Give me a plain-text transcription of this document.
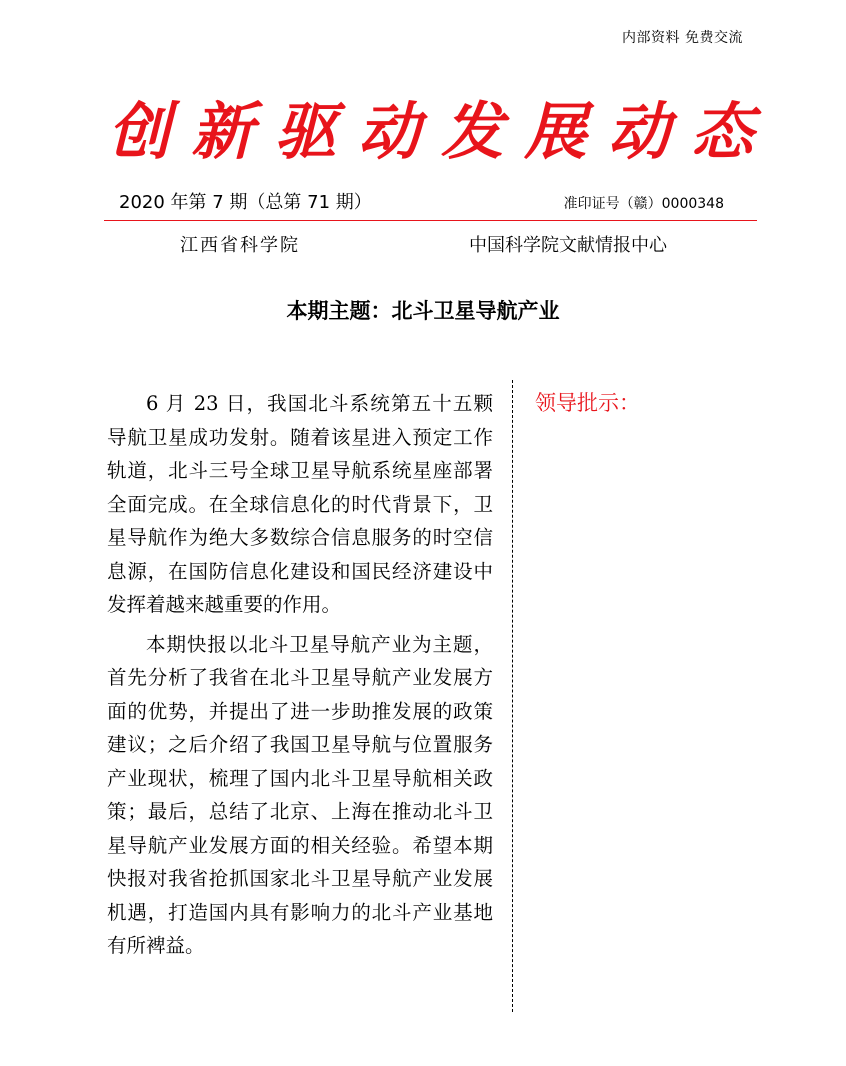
内部资料 免费交流
创 新 驱 动 发 展 动 态
2020 年第 7 期（总第 71 期）	准印证号（赣）0000348
江西省科学院	中国科学院文献情报中心
本期主题：北斗卫星导航产业

6 月 23 日，我国北斗系统第五十五颗导航卫星成功发射。随着该星进入预定工作轨道，北斗三号全球卫星导航系统星座部署全面完成。在全球信息化的时代背景下，卫星导航作为绝大多数综合信息服务的时空信息源，在国防信息化建设和国民经济建设中发挥着越来越重要的作用。

本期快报以北斗卫星导航产业为主题，首先分析了我省在北斗卫星导航产业发展方面的优势，并提出了进一步助推发展的政策建议；之后介绍了我国卫星导航与位置服务产业现状，梳理了国内北斗卫星导航相关政策；最后，总结了北京、上海在推动北斗卫星导航产业发展方面的相关经验。希望本期快报对我省抢抓国家北斗卫星导航产业发展机遇，打造国内具有影响力的北斗产业基地有所裨益。

领导批示：
